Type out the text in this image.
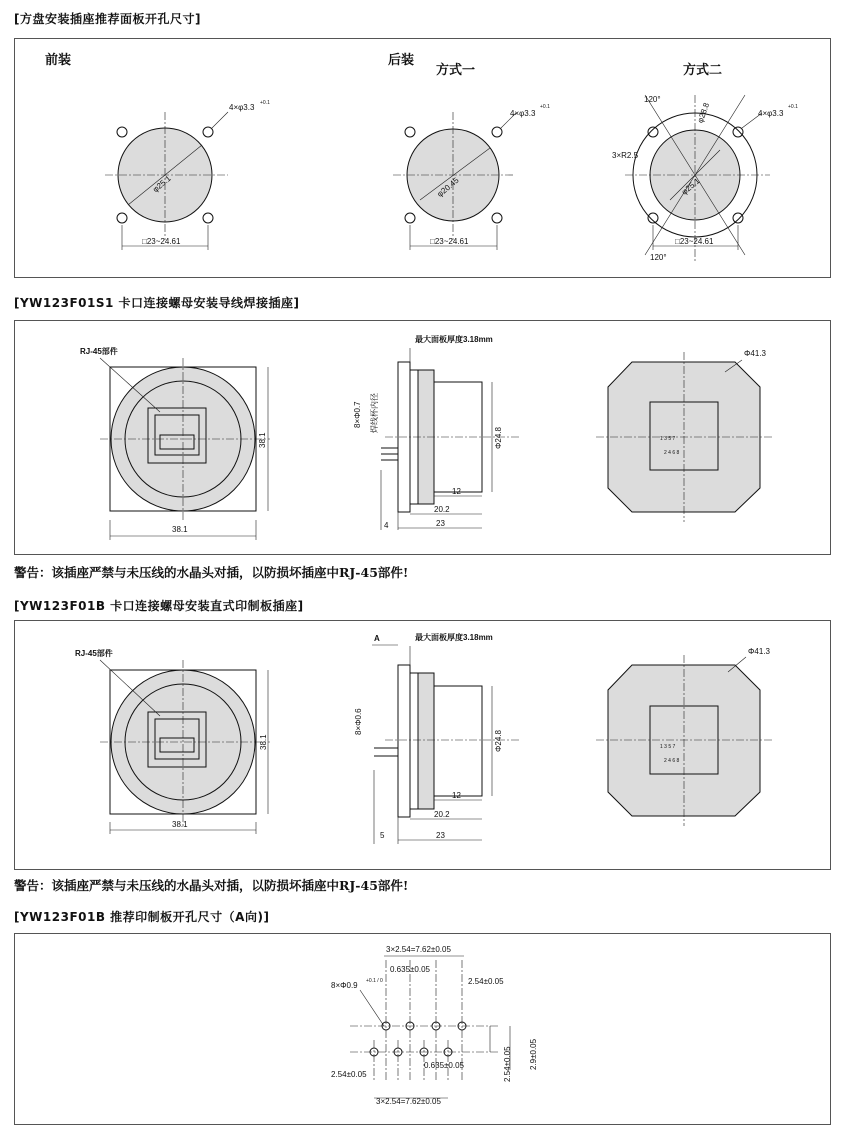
[方盘安装插座推荐面板开孔尺寸]
[YW123F01S1 卡口连接螺母安装导线焊接插座]
警告：该插座严禁与未压线的水晶头对插，以防损坏插座中RJ-45部件!
[YW123F01B 卡口连接螺母安装直式印制板插座]
警告：该插座严禁与未压线的水晶头对插，以防损坏插座中RJ-45部件!
[YW123F01B 推荐印制板开孔尺寸（A向)]
前装	后装
方式一	方式二
φ25.1
4×φ3.3 +0.1
□23~24.61
φ20.45
4×φ3.3
+0.1
□23~24.61
φ25.1
φ28.8
120°
120°
3×R2.5
4×φ3.3
+0.1
□23~24.61
RJ-45部件
38.1
38.1
最大面板厚度3.18mm
8×Φ0.7 焊线杯内径
Φ24.8
12
20.2
23
4
Φ41.3
1 3 5 7
2 4 6 8
RJ-45部件
38.1
38.1
A	最大面板厚度3.18mm
8×Φ0.6
Φ24.8
12
20.2
23
5
Φ41.3
1 3 5 7
2 4 6 8
3×2.54=7.62±0.05
0.635±0.05
2.54±0.05
8×Φ0.9 +0.1 / 0
2.54±0.05 2.9±0.05
2.54±0.05
0.635±0.05
3×2.54=7.62±0.05
